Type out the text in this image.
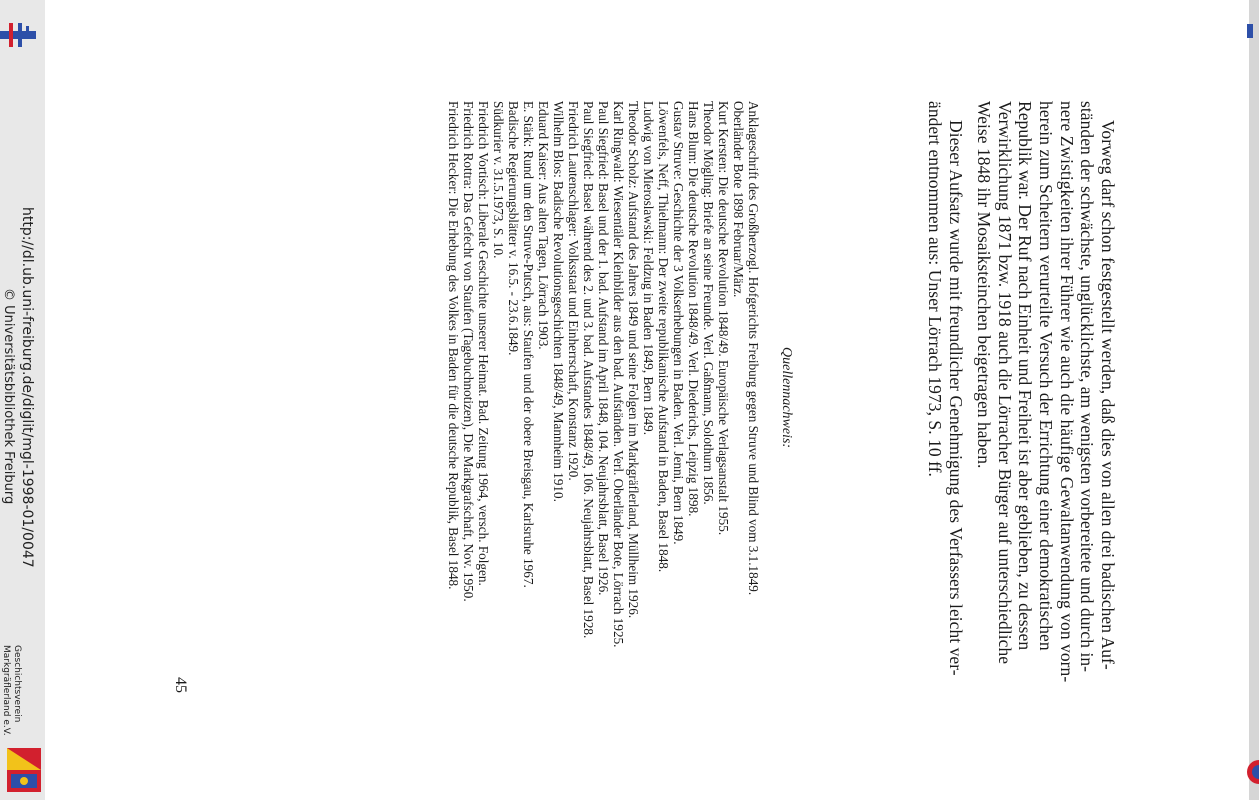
Vorweg darf schon festgestellt werden, daß dies von allen drei badischen Auf-
ständen der schwächste, unglücklichste, am wenigsten vorbereitete und durch in-
nere Zwistigkeiten ihrer Führer wie auch die häufige Gewaltanwendung von vorn-
herein zum Scheitern verurteilte Versuch der Errichtung einer demokratischen
Republik war. Der Ruf nach Einheit und Freiheit ist aber geblieben, zu dessen
Verwirklichung 1871 bzw. 1918 auch die Lörracher Bürger auf unterschiedliche
Weise 1848 ihr Mosaiksteinchen beigetragen haben.
Dieser Aufsatz wurde mit freundlicher Genehmigung des Verfassers leicht ver-
ändert entnommen aus: Unser Lörrach 1973, S. 10 ff.
Quellennachweis:
Anklageschrift des Großherzogl. Hofgerichts Freiburg gegen Struve und Blind vom 3.1.1849.
Oberländer Bote 1898 Februar/März.
Kurt Kersten: Die deutsche Revolution 1848/49. Europäische Verlagsanstalt 1955.
Theodor Mögling: Briefe an seine Freunde. Verl. Gaßmann, Solothurn 1856.
Hans Blum: Die deutsche Revolution 1848/49. Verl. Diederichs, Leipzig 1898.
Gustav Struve: Geschichte der 3 Volkserhebungen in Baden. Verl. Jenni, Bern 1849.
Löwenfels, Neff, Thielmann: Der zweite republikanische Aufstand in Baden, Basel 1848.
Ludwig von Mieroslawski: Feldzug in Baden 1849, Bern 1849.
Theodor Scholz: Aufstand des Jahres 1849 und seine Folgen im Markgräflerland, Müllheim 1926.
Karl Ringwald: Wiesentäler Kleinbilder aus den bad. Aufständen. Verl. Oberländer Bote, Lörrach 1925.
Paul Siegfried: Basel und der 1. bad. Aufstand im April 1848, 104. Neujahrsblatt, Basel 1926.
Paul Siegfried: Basel während des 2. und 3. bad. Aufstandes 1848/49, 106. Neujahrsblatt, Basel 1928.
Friedrich Lautenschlager: Volksstaat und Einherrschaft, Konstanz 1920.
Wilhelm Blos: Badische Revolutionsgeschichten 1848/49, Mannheim 1910.
Eduard Kaiser: Aus alten Tagen, Lörrach 1903.
E. Stärk: Rund um den Struve-Putsch, aus: Staufen und der obere Breisgau, Karlsruhe 1967.
Badische Regierungsblätter v. 16.5. - 23.6.1849.
Südkurier v. 31.5.1973, S. 10.
Friedrich Vortisch: Liberale Geschichte unserer Heimat. Bad. Zeitung 1964, versch. Folgen.
Friedrich Rottra: Das Gefecht von Staufen (Tagebuchnotizen), Die Markgrafschaft, Nov. 1950.
Friedrich Hecker: Die Erhebung des Volkes in Baden für die deutsche Republik, Basel 1848.
45
http://dl.ub.uni-freiburg.de/diglit/mgl-1998-01/0047
© Universitätsbibliothek Freiburg
Geschichtsverein
Markgräflerland e.V.
